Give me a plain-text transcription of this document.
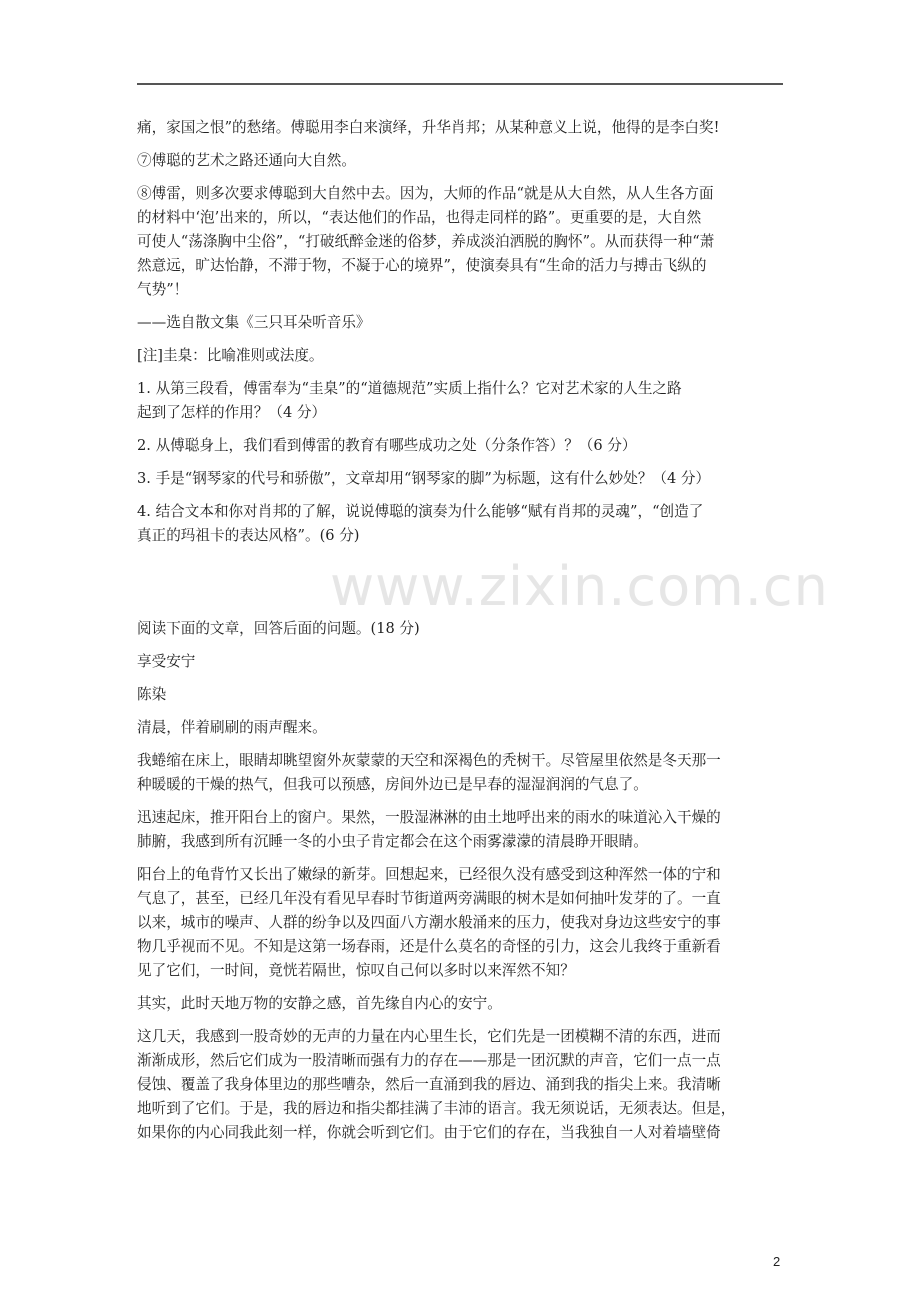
痛，家国之恨”的愁绪。傅聪用李白来演绎，升华肖邦；从某种意义上说，他得的是李白奖!
⑦傅聪的艺术之路还通向大自然。
⑧傅雷，则多次要求傅聪到大自然中去。因为，大师的作品“就是从大自然，从人生各方面
的材料中‘泡’出来的，所以，“表达他们的作品，也得走同样的路”。更重要的是，大自然
可使人“荡涤胸中尘俗”，“打破纸醉金迷的俗梦，养成淡泊洒脱的胸怀”。从而获得一种“萧
然意远，旷达怡静，不滞于物，不凝于心的境界”，使演奏具有“生命的活力与搏击飞纵的
气势”！
——选自散文集《三只耳朵听音乐》
[注]圭臬：比喻准则或法度。
1. 从第三段看，傅雷奉为“圭臬”的“道德规范”实质上指什么？它对艺术家的人生之路
起到了怎样的作用？（4 分）
2. 从傅聪身上，我们看到傅雷的教育有哪些成功之处（分条作答）？（6 分）
3. 手是“钢琴家的代号和骄傲”，文章却用“钢琴家的脚”为标题，这有什么妙处？（4 分）
4. 结合文本和你对肖邦的了解，说说傅聪的演奏为什么能够“赋有肖邦的灵魂”，“创造了
真正的玛祖卡的表达风格”。(6 分)
www.zixin.com.cn
阅读下面的文章，回答后面的问题。(18 分)
享受安宁
陈染
清晨，伴着刷刷的雨声醒来。
我蜷缩在床上，眼睛却眺望窗外灰蒙蒙的天空和深褐色的秃树干。尽管屋里依然是冬天那一
种暖暖的干燥的热气，但我可以预感，房间外边已是早春的湿湿润润的气息了。
迅速起床，推开阳台上的窗户。果然，一股湿淋淋的由土地呼出来的雨水的味道沁入干燥的
肺腑，我感到所有沉睡一冬的小虫子肯定都会在这个雨雾濛濛的清晨睁开眼睛。
阳台上的龟背竹又长出了嫩绿的新芽。回想起来，已经很久没有感受到这种浑然一体的宁和
气息了，甚至，已经几年没有看见早春时节街道两旁满眼的树木是如何抽叶发芽的了。一直
以来，城市的噪声、人群的纷争以及四面八方潮水般涌来的压力，使我对身边这些安宁的事
物几乎视而不见。不知是这第一场春雨，还是什么莫名的奇怪的引力，这会儿我终于重新看
见了它们，一时间，竟恍若隔世，惊叹自己何以多时以来浑然不知？
其实，此时天地万物的安静之感，首先缘自内心的安宁。
这几天，我感到一股奇妙的无声的力量在内心里生长，它们先是一团模糊不清的东西，进而
渐渐成形，然后它们成为一股清晰而强有力的存在——那是一团沉默的声音，它们一点一点
侵蚀、覆盖了我身体里边的那些嘈杂，然后一直涌到我的唇边、涌到我的指尖上来。我清晰
地听到了它们。于是，我的唇边和指尖都挂满了丰沛的语言。我无须说话，无须表达。但是，
如果你的内心同我此刻一样，你就会听到它们。由于它们的存在，当我独自一人对着墙壁倚
2
